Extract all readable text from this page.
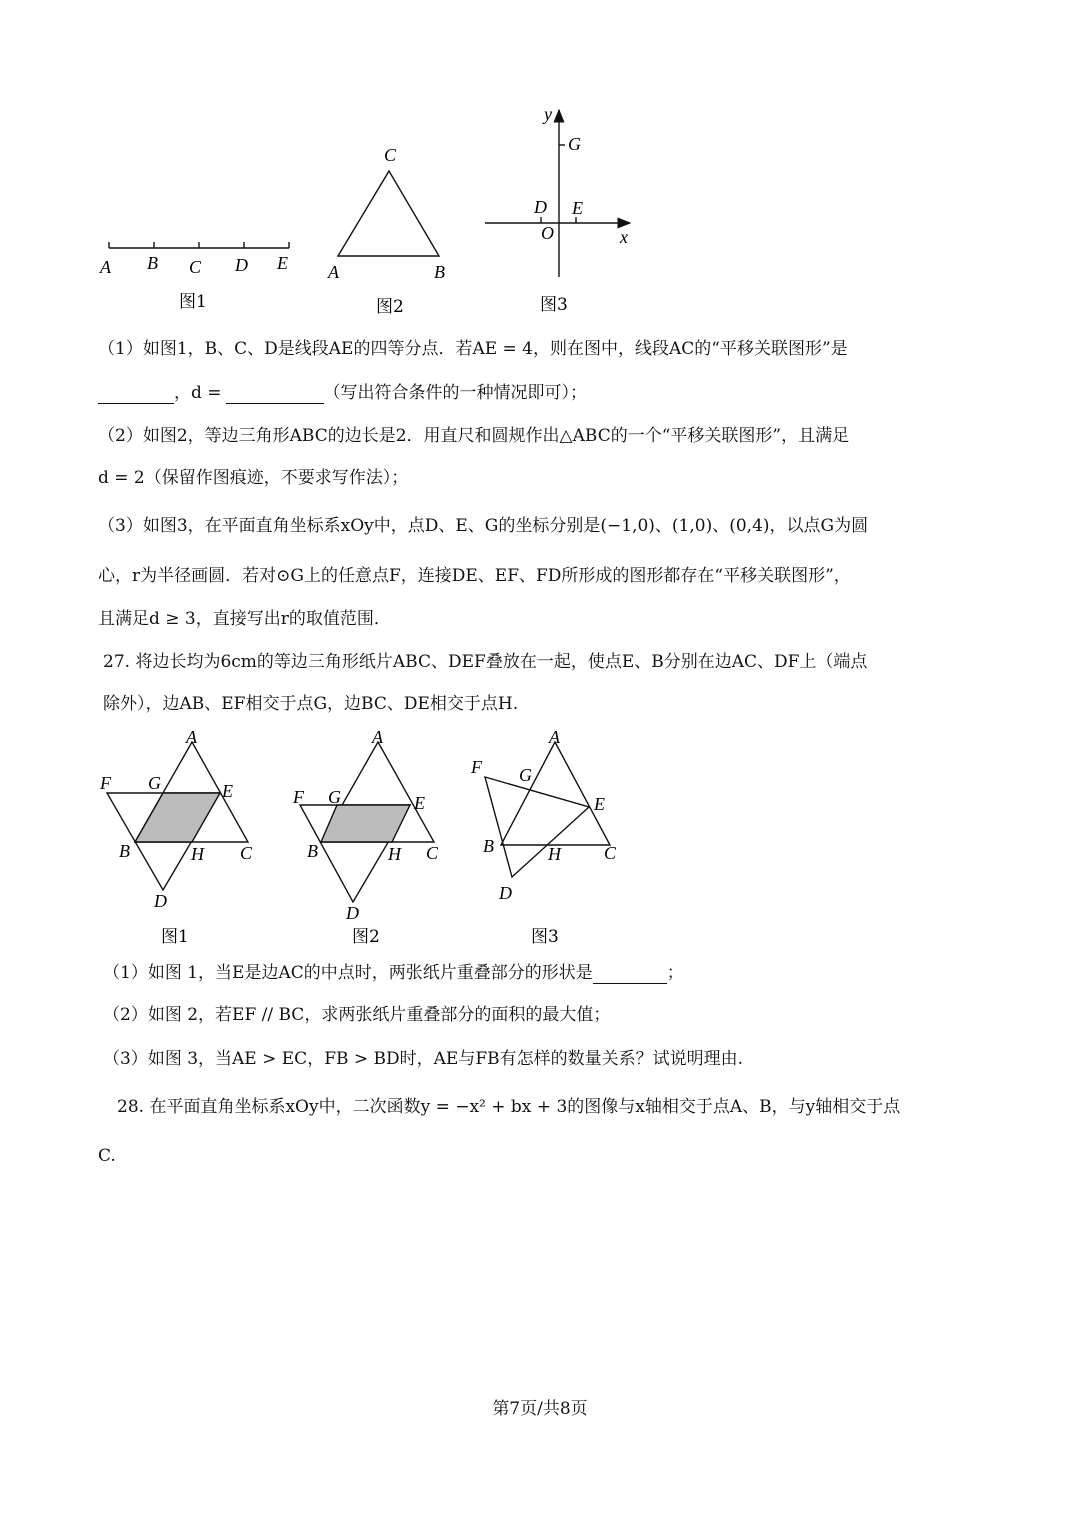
A B C D E
图1
C
A	B
图2
y
G
D E
O	x
图3
（1）如图1，B、C、D是线段AE的四等分点．若AE = 4，则在图中，线段AC的“平移关联图形”是
，d =	（写出符合条件的一种情况即可）；
（2）如图2，等边三角形ABC的边长是2．用直尺和圆规作出△ABC的一个“平移关联图形”，且满足
d = 2（保留作图痕迹，不要求写作法）；
（3）如图3，在平面直角坐标系xOy中，点D、E、G的坐标分别是(−1,0)、(1,0)、(0,4)，以点G为圆
心，r为半径画圆．若对⊙G上的任意点F，连接DE、EF、FD所形成的图形都存在“平移关联图形”，
且满足d ≥ 3，直接写出r的取值范围．
27. 将边长均为6cm的等边三角形纸片ABC、DEF叠放在一起，使点E、B分别在边AC、DF上（端点
除外），边AB、EF相交于点G，边BC、DE相交于点H.
A
F G	E
B	H C
D
图1
A
F G	E
B	H C
D
图2
A
F G
E
B	H C
D
图3
（1）如图 1，当E是边AC的中点时，两张纸片重叠部分的形状是	；
（2）如图 2，若EF // BC，求两张纸片重叠部分的面积的最大值；
（3）如图 3，当AE > EC，FB > BD时，AE与FB有怎样的数量关系？试说明理由.
28. 在平面直角坐标系xOy中，二次函数y = −x² + bx + 3的图像与x轴相交于点A、B，与y轴相交于点
C.
第7页/共8页
